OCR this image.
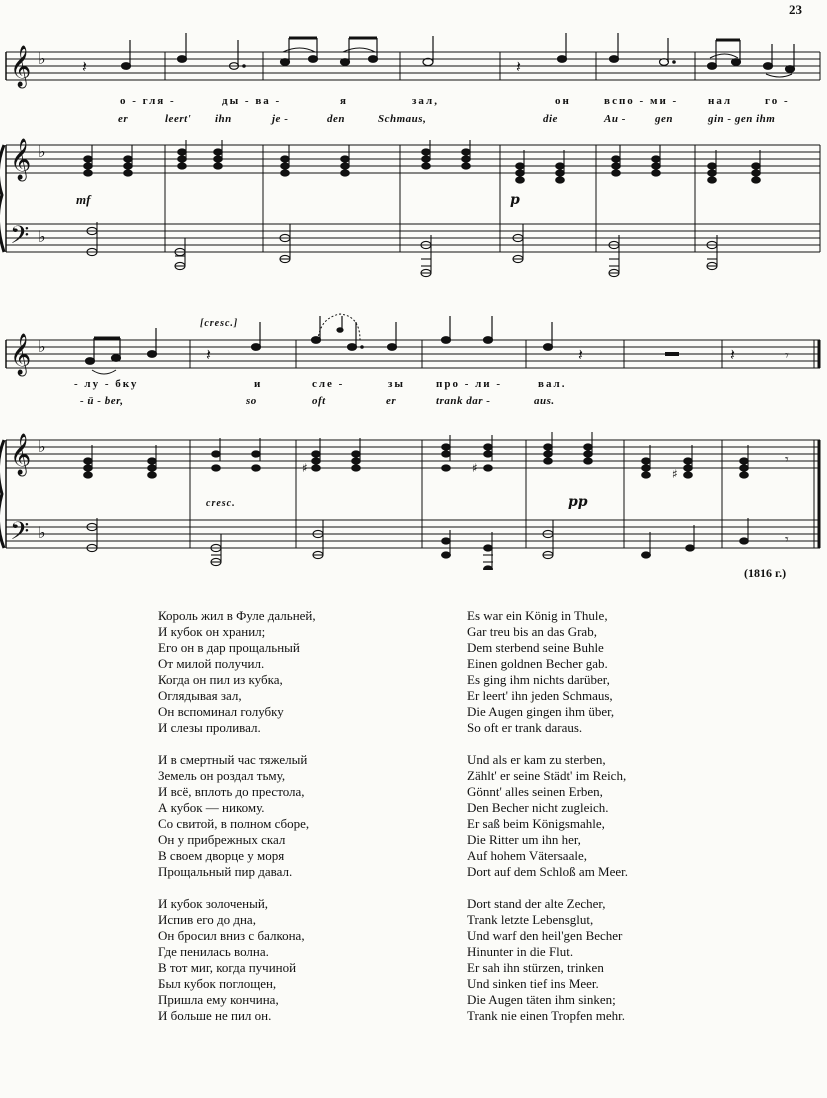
23
𝄞 ♭
𝄞 ♭
𝄢 ♭
𝄽	𝄽
о - гля -	ды - ва -	я	зал,	он	вспо - ми -	нал	го -
er	leert' ihn	je -	den	Schmaus,	die	Au -	gen	gin - gen ihm
mf	p
𝄞 ♭
𝄞 ♭
𝄢 ♭
𝄽	𝄽	𝄽	𝄾
𝄾
♯	♯	♯
𝄾
[cresc.]
- лу - бку	и	сле -	зы	про - ли -	вал.
- ü - ber,	so	oft	er	trank dar -	aus.
cresc.	pp
(1816 г.)
Король жил в Фуле дальней,
И кубок он хранил;
Его он в дар прощальный
От милой получил.
Когда он пил из кубка,
Оглядывая зал,
Он вспоминал голубку
И слезы проливал.
И в смертный час тяжелый
Земель он роздал тьму,
И всё, вплоть до престола,
А кубок — никому.
Со свитой, в полном сборе,
Он у прибрежных скал
В своем дворце у моря
Прощальный пир давал.
И кубок золоченый,
Испив его до дна,
Он бросил вниз с балкона,
Где пенилась волна.
В тот миг, когда пучиной
Был кубок поглощен,
Пришла ему кончина,
И больше не пил он.
Es war ein König in Thule,
Gar treu bis an das Grab,
Dem sterbend seine Buhle
Einen goldnen Becher gab.
Es ging ihm nichts darüber,
Er leert' ihn jeden Schmaus,
Die Augen gingen ihm über,
So oft er trank daraus.
Und als er kam zu sterben,
Zählt' er seine Städt' im Reich,
Gönnt' alles seinen Erben,
Den Becher nicht zugleich.
Er saß beim Königsmahle,
Die Ritter um ihn her,
Auf hohem Vätersaale,
Dort auf dem Schloß am Meer.
Dort stand der alte Zecher,
Trank letzte Lebensglut,
Und warf den heil'gen Becher
Hinunter in die Flut.
Er sah ihn stürzen, trinken
Und sinken tief ins Meer.
Die Augen täten ihm sinken;
Trank nie einen Tropfen mehr.
